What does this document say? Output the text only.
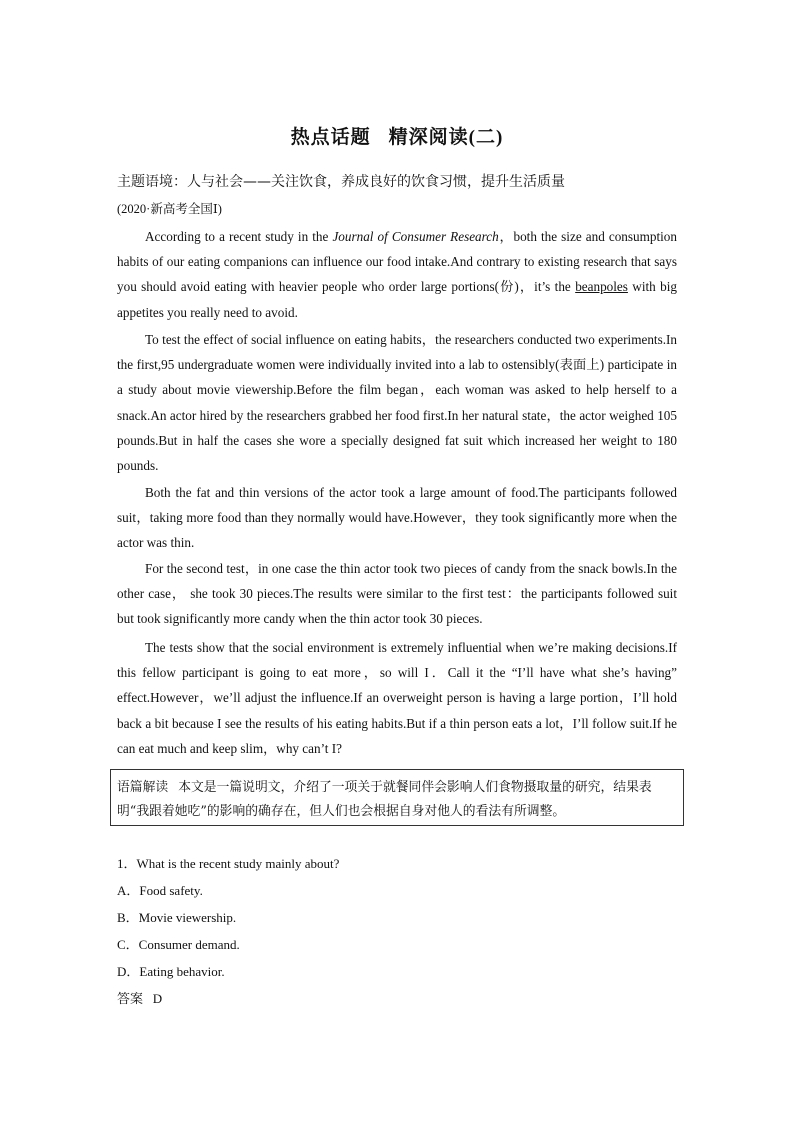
热点话题 精深阅读(二)
主题语境：人与社会——关注饮食，养成良好的饮食习惯，提升生活质量
(2020·新高考全国Ⅰ)

According to a recent study in the Journal of Consumer Research，both the size and consumption habits of our eating companions can influence our food intake.And contrary to existing research that says you should avoid eating with heavier people who order large portions(份)，it’s the beanpoles with big appetites you really need to avoid.

To test the effect of social influence on eating habits，the researchers conducted two experiments.In the first,95 undergraduate women were individually invited into a lab to ostensibly(表面上) participate in a study about movie viewership.Before the film began，each woman was asked to help herself to a snack.An actor hired by the researchers grabbed her food first.In her natural state，the actor weighed 105 pounds.But in half the cases she wore a specially designed fat suit which increased her weight to 180 pounds.

Both the fat and thin versions of the actor took a large amount of food.The participants followed suit，taking more food than they normally would have.However，they took significantly more when the actor was thin.

For the second test，in one case the thin actor took two pieces of candy from the snack bowls.In the other case， she took 30 pieces.The results were similar to the first test：the participants followed suit but took significantly more candy when the thin actor took 30 pieces.

The tests show that the social environment is extremely influential when we’re making decisions.If this fellow participant is going to eat more，so will I．Call it the “I’ll have what she’s having” effect.However，we’ll adjust the influence.If an overweight person is having a large portion，I’ll hold back a bit because I see the results of his eating habits.But if a thin person eats a lot，I’ll follow suit.If he can eat much and keep slim，why can’t I?

语篇解读 本文是一篇说明文，介绍了一项关于就餐同伴会影响人们食物摄取量的研究，结果表明“我跟着她吃”的影响的确存在，但人们也会根据自身对他人的看法有所调整。
1．What is the recent study mainly about?
A．Food safety.
B．Movie viewership.
C．Consumer demand.
D．Eating behavior.
答案 D
